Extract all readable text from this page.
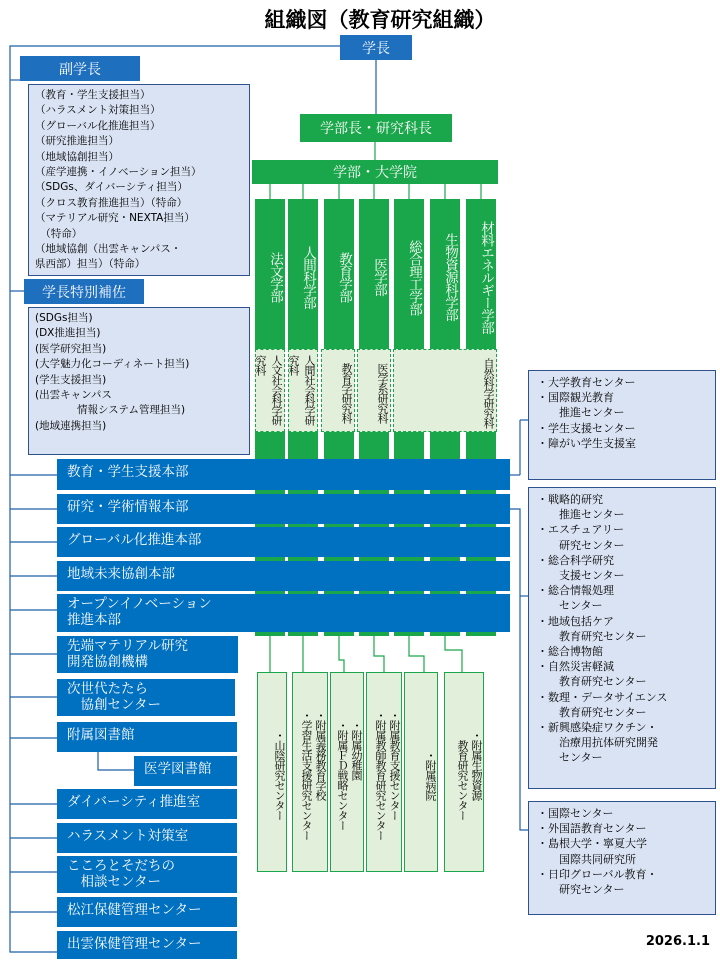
組織図（教育研究組織）
学長
副学長
（教育・学生支援担当）
（ハラスメント対策担当）
（グローバル化推進担当）
（研究推進担当）
（地域協創担当）
（産学連携・イノベーション担当）
（SDGs、ダイバーシティ担当）
（クロス教育推進担当）（特命）
（マテリアル研究・NEXTA担当）
　（特命）
（地域協創（出雲キャンパス・
県西部）担当）（特命）
学長特別補佐
(SDGs担当)
(DX推進担当)
(医学研究担当)
(大学魅力化コーディネート担当)
(学生支援担当)
(出雲キャンパス
　　　　情報システム管理担当)
(地域連携担当)
学部長・研究科長
学部・大学院
法文学部	人間科学部	教育学部	医学部	総合理工学部	生物資源科学部	材料エネルギー学部
人文社会科学研究科	人間社会科学研究科	教育学研究科	医学系研究科	自然科学研究科
教育・学生支援本部
研究・学術情報本部
グローバル化推進本部
地域未来協創本部
オープンイノベーション
推進本部
先端マテリアル研究
開発協創機構
次世代たたら
　協創センター
附属図書館
医学図書館
ダイバーシティ推進室
ハラスメント対策室
こころとそだちの
　相談センター
松江保健管理センター
出雲保健管理センター
・山陰研究センター	・附属義務教育学校
・学習生活支援研究センター	・附属幼稚園
・附属ＦＤ戦略センター	・附属教育支援センター
・附属教師教育研究センター	・附属病院	・附属生物資源
　教育研究センター
・大学教育センター
・国際観光教育
　　推進センター
・学生支援センター
・障がい学生支援室
・戦略的研究
　　推進センター
・エスチュアリー
　　研究センター
・総合科学研究
　　支援センター
・総合情報処理
　　センター
・地域包括ケア
　　教育研究センター
・総合博物館
・自然災害軽減
　　教育研究センター
・数理・データサイエンス
　　教育研究センター
・新興感染症ワクチン・
　　治療用抗体研究開発
　　センター
・国際センター
・外国語教育センター
・島根大学・寧夏大学
　　国際共同研究所
・日印グローバル教育・
　　研究センター
2026.1.1
